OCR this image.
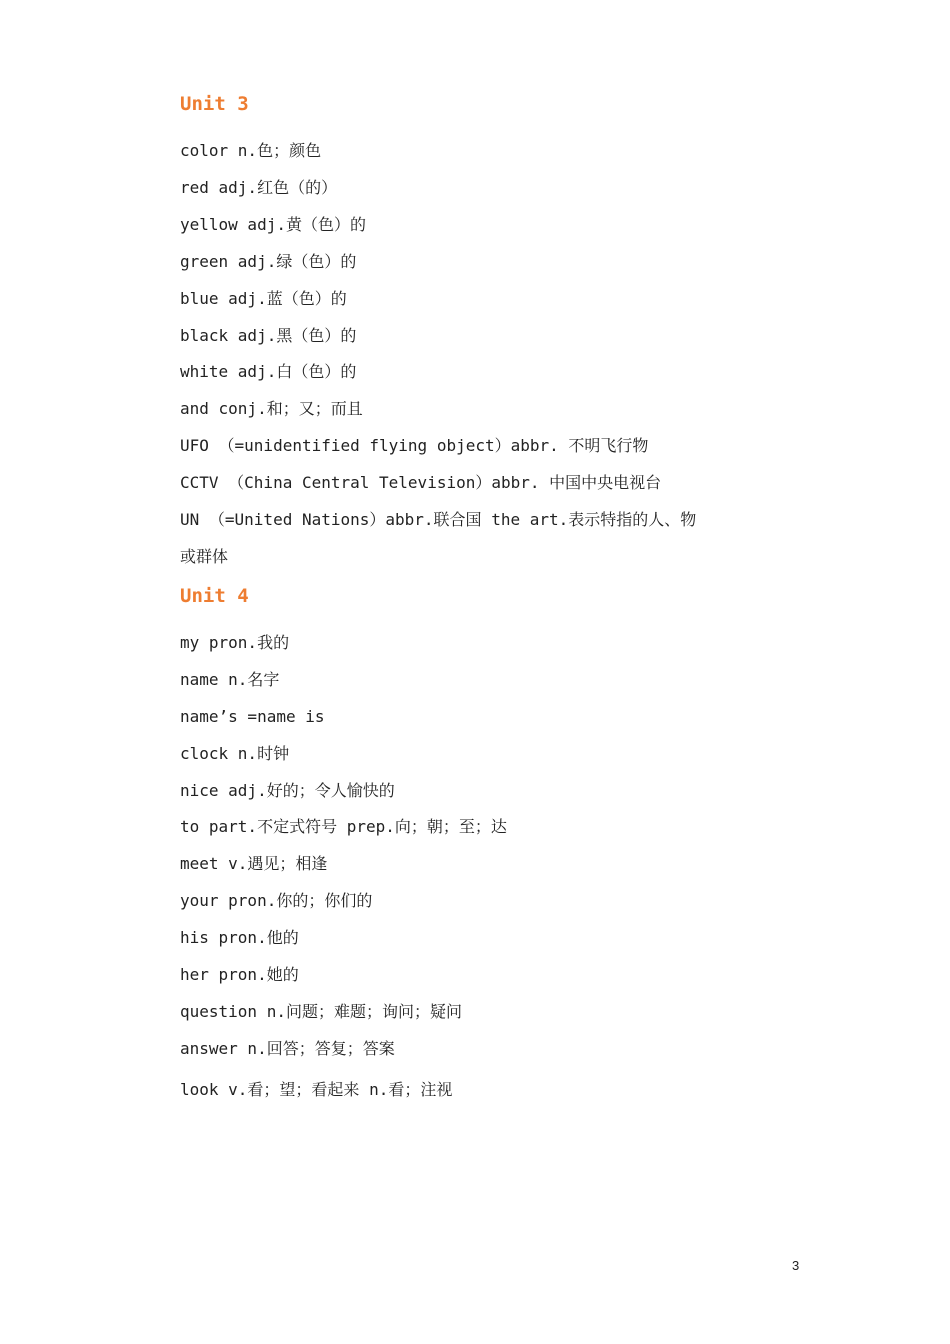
Unit 3
color n.色；颜色
red adj.红色（的）
yellow adj.黄（色）的
green adj.绿（色）的
blue adj.蓝（色）的
black adj.黑（色）的
white adj.白（色）的
and conj.和；又；而且
UFO （=unidentified flying object）abbr. 不明飞行物
CCTV （China Central Television）abbr. 中国中央电视台
UN （=United Nations）abbr.联合国 the art.表示特指的人、物或群体
Unit 4
my pron.我的
name n.名字
name’s =name is
clock n.时钟
nice adj.好的；令人愉快的
to part.不定式符号 prep.向；朝；至；达
meet v.遇见；相逢
your pron.你的；你们的
his pron.他的
her pron.她的
question n.问题；难题；询问；疑问
answer n.回答；答复；答案
look v.看；望；看起来 n.看；注视
3
